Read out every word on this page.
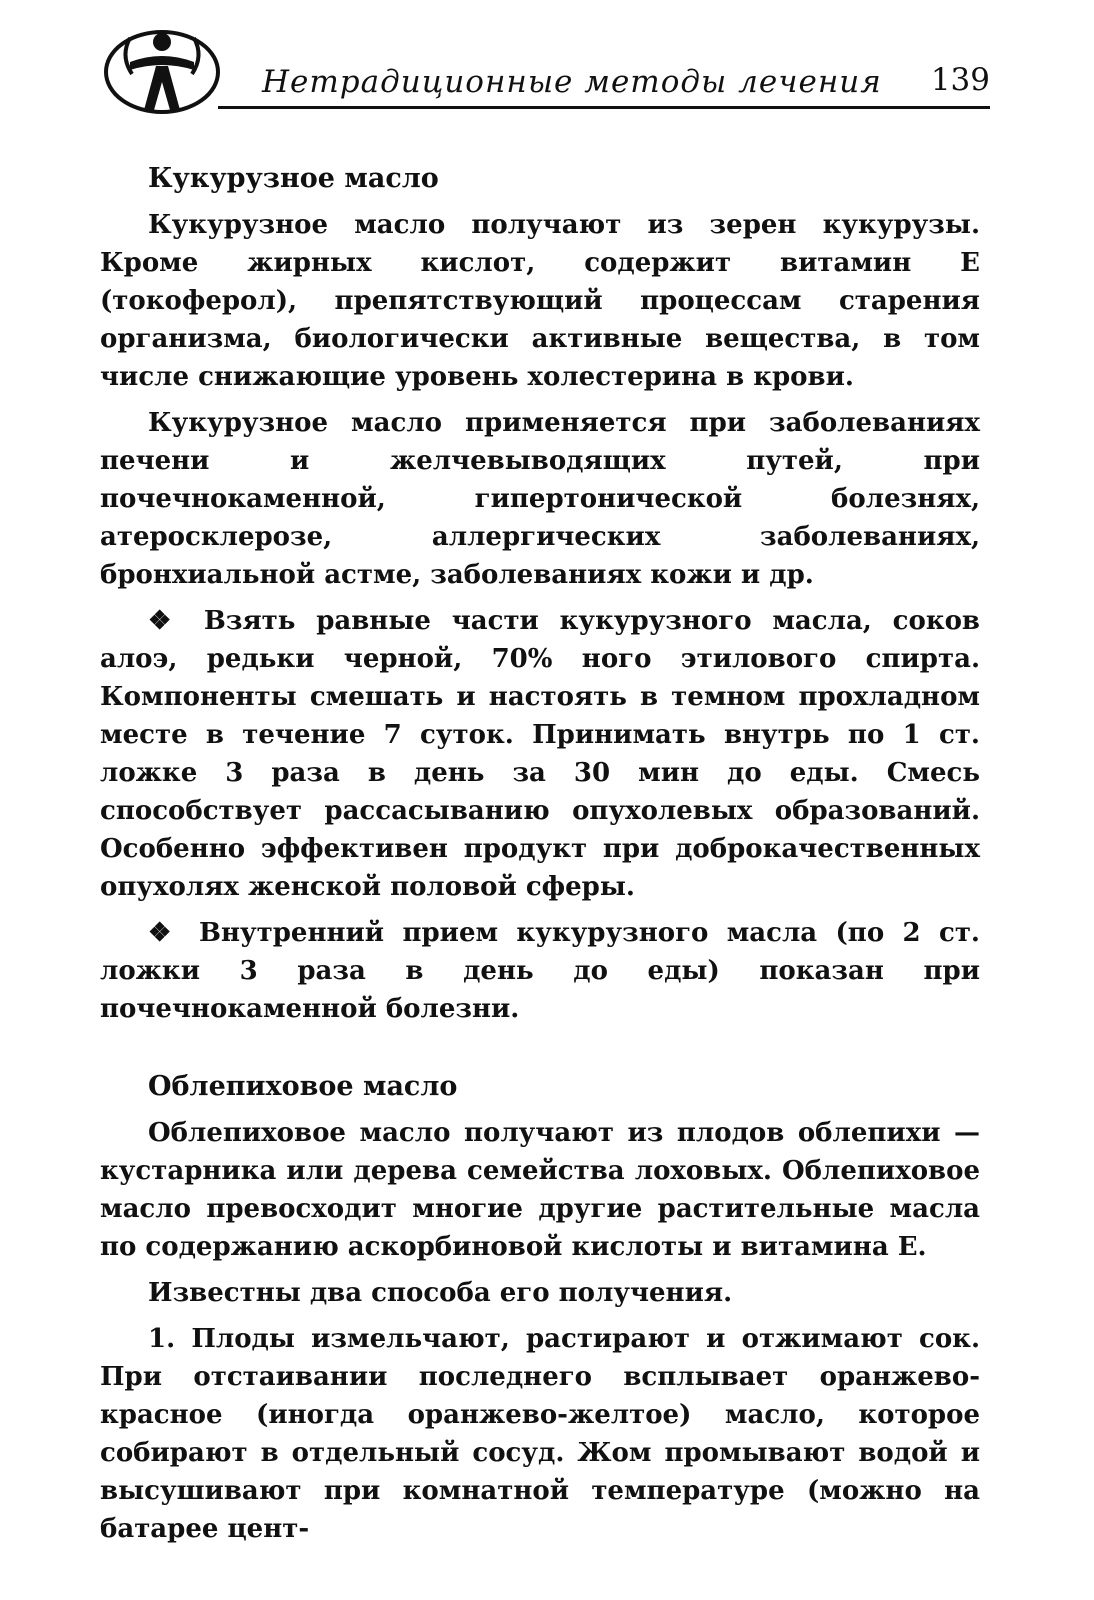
Нетрадиционные методы лечения 139
Кукурузное масло

Кукурузное масло получают из зерен кукурузы. Кроме жирных кислот, содержит витамин E (токоферол), препятствующий процессам старения организма, биологически активные вещества, в том числе снижающие уровень холестерина в крови.

Кукурузное масло применяется при заболеваниях печени и желчевыводящих путей, при почечнокаменной, гипертонической болезнях, атеросклерозе, аллергических заболеваниях, бронхиальной астме, заболеваниях кожи и др.

❖ Взять равные части кукурузного масла, соков алоэ, редьки черной, 70% ного этилового спирта. Компоненты смешать и настоять в темном прохладном месте в течение 7 суток. Принимать внутрь по 1 ст. ложке 3 раза в день за 30 мин до еды. Смесь способствует рассасыванию опухолевых образований. Особенно эффективен продукт при доброкачественных опухолях женской половой сферы.

❖ Внутренний прием кукурузного масла (по 2 ст. ложки 3 раза в день до еды) показан при почечнокаменной болезни.

Облепиховое масло

Облепиховое масло получают из плодов облепихи — кустарника или дерева семейства лоховых. Облепиховое масло превосходит многие другие растительные масла по содержанию аскорбиновой кислоты и витамина E.

Известны два способа его получения.

1. Плоды измельчают, растирают и отжимают сок. При отстаивании последнего всплывает оранжево-красное (иногда оранжево-желтое) масло, которое собирают в отдельный сосуд. Жом промывают водой и высушивают при комнатной температуре (можно на батарее цент-
